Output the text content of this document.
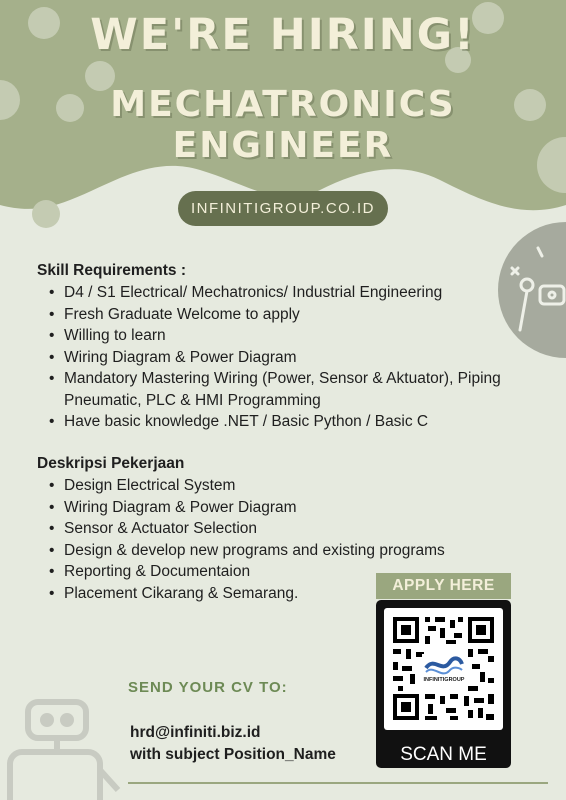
WE'RE HIRING!
MECHATRONICS
ENGINEER
INFINITIGROUP.CO.ID
Skill Requirements :
• D4 / S1 Electrical/ Mechatronics/ Industrial Engineering
• Fresh Graduate Welcome to apply
• Willing to learn
• Wiring Diagram & Power Diagram
• Mandatory Mastering Wiring (Power, Sensor & Aktuator), Piping Pneumatic, PLC & HMI Programming
• Have basic knowledge .NET / Basic Python / Basic C
Deskripsi Pekerjaan
• Design Electrical System
• Wiring Diagram & Power Diagram
• Sensor & Actuator Selection
• Design & develop new programs and existing programs
• Reporting & Documentaion
• Placement Cikarang & Semarang.	APPLY HERE
INFINITIGROUP
SCAN ME
SEND YOUR CV TO:
hrd@infiniti.biz.id
with subject Position_Name
